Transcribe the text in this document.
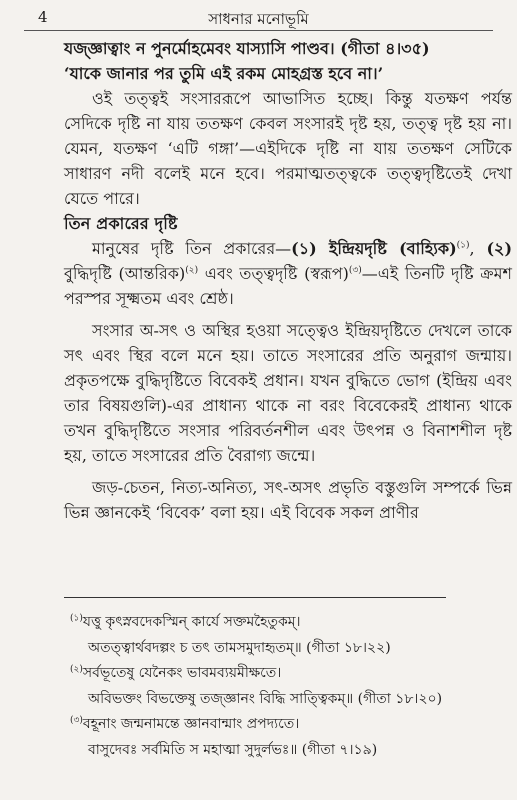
4	সাধনার মনোভূমি

যজ্জ্ঞাত্বাং ন পুনর্মোহমেবং যাস্যাসি পাণ্ডব। (গীতা ৪।৩৫)

‘যাকে জানার পর তুমি এই রকম মোহগ্রস্ত হবে না।’

ওই তত্ত্বই সংসাররূপে আভাসিত হচ্ছে। কিন্তু যতক্ষণ পর্যন্ত সেদিকে দৃষ্টি না যায় ততক্ষণ কেবল সংসারই দৃষ্ট হয়, তত্ত্ব দৃষ্ট হয় না। যেমন, যতক্ষণ ‘এটি গঙ্গা’—এইদিকে দৃষ্টি না যায় ততক্ষণ সেটিকে সাধারণ নদী বলেই মনে হবে। পরমাত্মতত্ত্বকে তত্ত্বদৃষ্টিতেই দেখা যেতে পারে।

তিন প্রকারের দৃষ্টি

মানুষের দৃষ্টি তিন প্রকারের—(১) ইন্দ্রিয়দৃষ্টি (বাহ্যিক)$^{(১)}$, (২) বুদ্ধিদৃষ্টি (আন্তরিক)$^{(২)}$ এবং তত্ত্বদৃষ্টি (স্বরূপ)$^{(৩)}$—এই তিনটি দৃষ্টি ক্রমশ পরস্পর সূক্ষ্মতম এবং শ্রেষ্ঠ।

সংসার অ-সৎ ও অস্থির হওয়া সত্ত্বেও ইন্দ্রিয়দৃষ্টিতে দেখলে তাকে সৎ এবং স্থির বলে মনে হয়। তাতে সংসারের প্রতি অনুরাগ জন্মায়। প্রকৃতপক্ষে বুদ্ধিদৃষ্টিতে বিবেকই প্রধান। যখন বুদ্ধিতে ভোগ (ইন্দ্রিয় এবং তার বিষয়গুলি)-এর প্রাধান্য থাকে না বরং বিবেকেরই প্রাধান্য থাকে তখন বুদ্ধিদৃষ্টিতে সংসার পরিবর্তনশীল এবং উৎপন্ন ও বিনাশশীল দৃষ্ট হয়, তাতে সংসারের প্রতি বৈরাগ্য জন্মে।

জড়-চেতন, নিত্য-অনিত্য, সৎ-অসৎ প্রভৃতি বস্তুগুলি সম্পর্কে ভিন্ন ভিন্ন জ্ঞানকেই ‘বিবেক’ বলা হয়। এই বিবেক সকল প্রাণীর

$^{(১)}$যত্তু কৃৎস্নবদেকস্মিন্ কার্যে সক্তমহৈতুকম্।

অতত্ত্বার্থবদল্পং চ তৎ তামসমুদাহৃতম্॥ (গীতা ১৮।২২)

$^{(২)}$সর্বভূতেষু যেনৈকং ভাবমব্যয়মীক্ষতে।

অবিভক্তং বিভক্তেষু তজ্জ্ঞানং বিদ্ধি সাত্ত্বিকম্॥ (গীতা ১৮।২০)

$^{(৩)}$বহূনাং জন্মনামন্তে জ্ঞানবান্মাং প্রপদ্যতে।

বাসুদেবঃ সর্বমিতি স মহাত্মা সুদুর্লভঃ॥ (গীতা ৭।১৯)
